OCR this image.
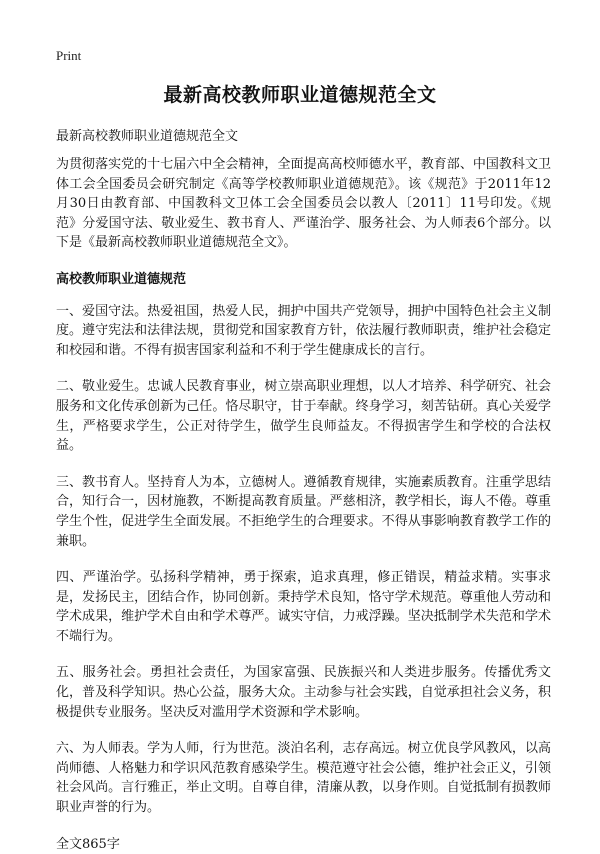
Print
最新高校教师职业道德规范全文
最新高校教师职业道德规范全文

为贯彻落实党的十七届六中全会精神，全面提高高校师德水平，教育部、中国教科文卫体工会全国委员会研究制定《高等学校教师职业道德规范》。该《规范》于2011年12月30日由教育部、中国教科文卫体工会全国委员会以教人〔2011〕11号印发。《规范》分爱国守法、敬业爱生、教书育人、严谨治学、服务社会、为人师表6个部分。以下是《最新高校教师职业道德规范全文》。

高校教师职业道德规范

一、爱国守法。热爱祖国，热爱人民，拥护中国共产党领导，拥护中国特色社会主义制度。遵守宪法和法律法规，贯彻党和国家教育方针，依法履行教师职责，维护社会稳定和校园和谐。不得有损害国家利益和不利于学生健康成长的言行。

二、敬业爱生。忠诚人民教育事业，树立崇高职业理想，以人才培养、科学研究、社会服务和文化传承创新为己任。恪尽职守，甘于奉献。终身学习，刻苦钻研。真心关爱学生，严格要求学生，公正对待学生，做学生良师益友。不得损害学生和学校的合法权益。

三、教书育人。坚持育人为本，立德树人。遵循教育规律，实施素质教育。注重学思结合，知行合一，因材施教，不断提高教育质量。严慈相济，教学相长，诲人不倦。尊重学生个性，促进学生全面发展。不拒绝学生的合理要求。不得从事影响教育教学工作的兼职。

四、严谨治学。弘扬科学精神，勇于探索，追求真理，修正错误，精益求精。实事求是，发扬民主，团结合作，协同创新。秉持学术良知，恪守学术规范。尊重他人劳动和学术成果，维护学术自由和学术尊严。诚实守信，力戒浮躁。坚决抵制学术失范和学术不端行为。

五、服务社会。勇担社会责任，为国家富强、民族振兴和人类进步服务。传播优秀文化，普及科学知识。热心公益，服务大众。主动参与社会实践，自觉承担社会义务，积极提供专业服务。坚决反对滥用学术资源和学术影响。

六、为人师表。学为人师，行为世范。淡泊名利，志存高远。树立优良学风教风，以高尚师德、人格魅力和学识风范教育感染学生。模范遵守社会公德，维护社会正义，引领社会风尚。言行雅正，举止文明。自尊自律，清廉从教，以身作则。自觉抵制有损教师职业声誉的行为。

全文865字
